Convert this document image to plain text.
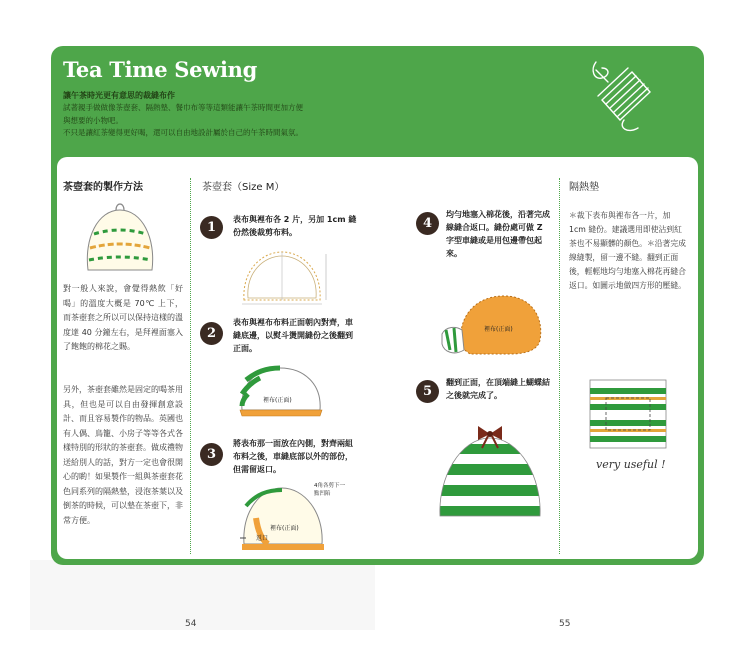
Tea Time Sewing
讓午茶時光更有意思的裁縫布作

試著親手做做像茶壺套、隔熱墊、餐巾布等等這類能讓午茶時間更加方便

與想要的小物吧。

不只是讓紅茶變得更好喝，還可以自由地設計屬於自己的午茶時間氣氛。

茶壺套的製作方法
對一般人來說，會覺得熱飲「好喝」的溫度大概是 70℃ 上下，而茶壺套之所以可以保持這樣的溫度達 40 分鐘左右，是拜裡面塞入了飽飽的棉花之賜。
另外，茶壺套雖然是固定的喝茶用具，但也是可以自由發揮創意設計、而且容易製作的物品。英國也有人偶、鳥籠、小房子等等各式各樣特別的形狀的茶壺套。做成禮物送給別人的話，對方一定也會很開心的喲！如果製作一組與茶壺套花色同系列的隔熱墊，浸泡茶葉以及倒茶的時候，可以墊在茶壺下，非常方便。
茶壺套（Size M）
1
表布與裡布各 2 片，另加 1cm 縫份然後裁剪布料。
2
表布與裡布布料正面朝內對齊，車縫底邊，以熨斗燙開縫份之後翻到正面。
裡布(正面)
3
將表布那一面放在內側，對齊兩組布料之後，車縫底部以外的部份，但需留返口。
裡布(正面)
4角各剪下一點凹陷
返口
4
均勻地塞入棉花後，沿著完成線縫合返口。縫份處可做 Z 字型車縫或是用包邊帶包起來。
裡布(正面)
5
翻到正面，在頂端縫上蝴蝶結之後就完成了。
隔熱墊
＊裁下表布與裡布各一片，加 1cm 縫份。建議選用即使沾到紅茶也不易顯髒的顏色。＊沿著完成線縫製，留一邊不縫。翻到正面後，輕輕地均勻地塞入棉花再縫合返口。如圖示地做四方形的壓縫。
very useful !
54	55
